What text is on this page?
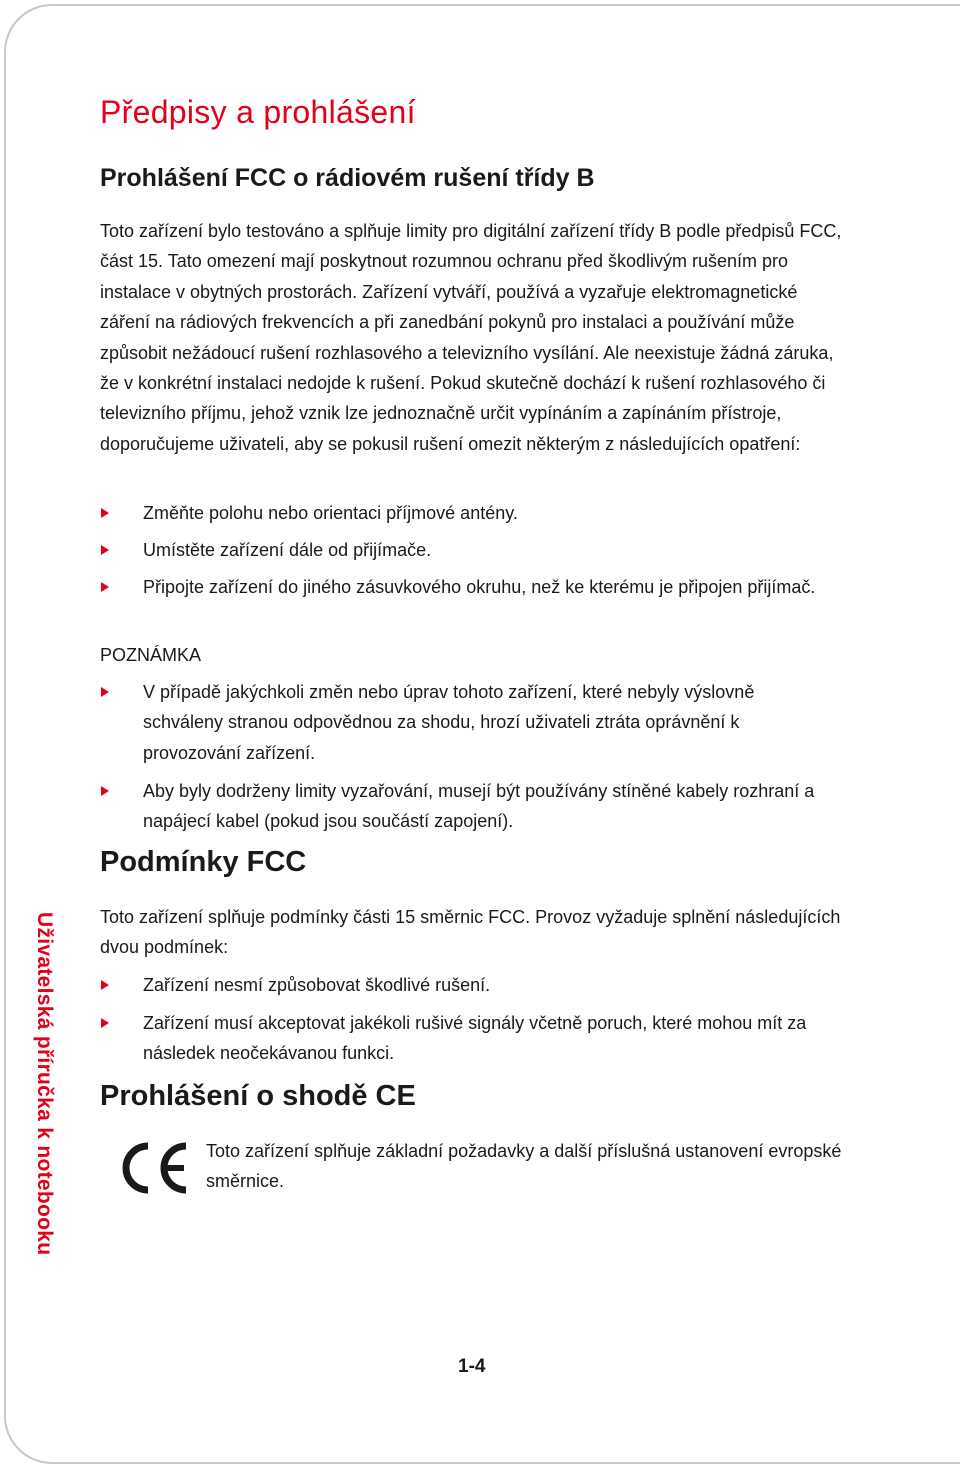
Předpisy a prohlášení
Prohlášení FCC o rádiovém rušení třídy B

Toto zařízení bylo testováno a splňuje limity pro digitální zařízení třídy B podle předpisů FCC, část 15. Tato omezení mají poskytnout rozumnou ochranu před škodlivým rušením pro instalace v obytných prostorách. Zařízení vytváří, používá a vyzařuje elektromagnetické záření na rádiových frekvencích a při zanedbání pokynů pro instalaci a používání může způsobit nežádoucí rušení rozhlasového a televizního vysílání. Ale neexistuje žádná záruka, že v konkrétní instalaci nedojde k rušení. Pokud skutečně dochází k rušení rozhlasového či televizního příjmu, jehož vznik lze jednoznačně určit vypínáním a zapínáním přístroje, doporučujeme uživateli, aby se pokusil rušení omezit některým z následujících opatření:

Změňte polohu nebo orientaci příjmové antény.
Umístěte zařízení dále od přijímače.
Připojte zařízení do jiného zásuvkového okruhu, než ke kterému je připojen přijímač.
POZNÁMKA
V případě jakýchkoli změn nebo úprav tohoto zařízení, které nebyly výslovně schváleny stranou odpovědnou za shodu, hrozí uživateli ztráta oprávnění k provozování zařízení.
Aby byly dodrženy limity vyzařování, musejí být používány stíněné kabely rozhraní a napájecí kabel (pokud jsou součástí zapojení).
Podmínky FCC

Toto zařízení splňuje podmínky části 15 směrnic FCC. Provoz vyžaduje splnění následujících dvou podmínek:

Zařízení nesmí způsobovat škodlivé rušení.
Zařízení musí akceptovat jakékoli rušivé signály včetně poruch, které mohou mít za následek neočekávanou funkci.
Prohlášení o shodě CE

Toto zařízení splňuje základní požadavky a další příslušná ustanovení evropské směrnice.

Uživatelská příručka k notebooku
1-4
